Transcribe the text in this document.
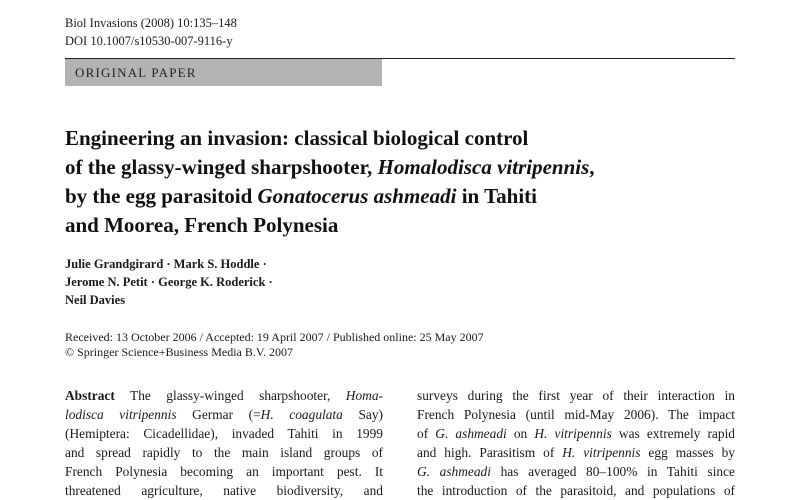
Biol Invasions (2008) 10:135–148
DOI 10.1007/s10530-007-9116-y
ORIGINAL PAPER
Engineering an invasion: classical biological control
of the glassy-winged sharpshooter, Homalodisca vitripennis,
by the egg parasitoid Gonatocerus ashmeadi in Tahiti
and Moorea, French Polynesia
Julie Grandgirard · Mark S. Hoddle ·
Jerome N. Petit · George K. Roderick ·
Neil Davies
Received: 13 October 2006 / Accepted: 19 April 2007 / Published online: 25 May 2007
© Springer Science+Business Media B.V. 2007
Abstract The glassy-winged sharpshooter, Homa-
lodisca vitripennis Germar (=H. coagulata Say)
(Hemiptera: Cicadellidae), invaded Tahiti in 1999
and spread rapidly to the main island groups of
French Polynesia becoming an important pest. It
threatened agriculture, native biodiversity, and
surveys during the first year of their interaction in
French Polynesia (until mid-May 2006). The impact
of G. ashmeadi on H. vitripennis was extremely rapid
and high. Parasitism of H. vitripennis egg masses by
G. ashmeadi has averaged 80–100% in Tahiti since
the introduction of the parasitoid, and populations of
